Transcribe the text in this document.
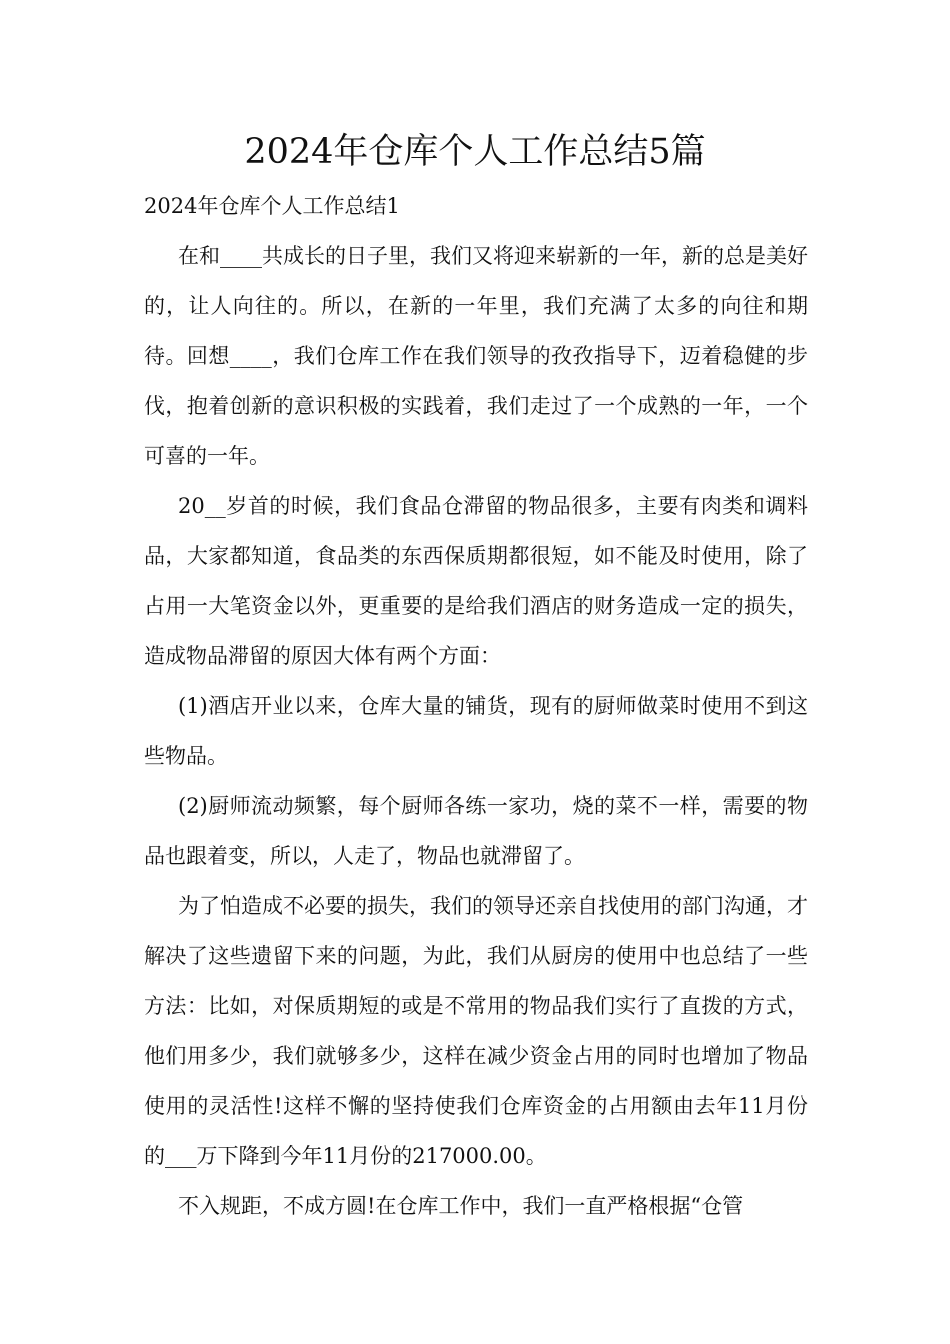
2024年仓库个人工作总结5篇

2024年仓库个人工作总结1

在和____共成长的日子里，我们又将迎来崭新的一年，新的总是美好的，让人向往的。所以，在新的一年里，我们充满了太多的向往和期待。回想____，我们仓库工作在我们领导的孜孜指导下，迈着稳健的步伐，抱着创新的意识积极的实践着，我们走过了一个成熟的一年，一个可喜的一年。

20__岁首的时候，我们食品仓滞留的物品很多，主要有肉类和调料品，大家都知道，食品类的东西保质期都很短，如不能及时使用，除了占用一大笔资金以外，更重要的是给我们酒店的财务造成一定的损失，造成物品滞留的原因大体有两个方面：

(1)酒店开业以来，仓库大量的铺货，现有的厨师做菜时使用不到这些物品。

(2)厨师流动频繁，每个厨师各练一家功，烧的菜不一样，需要的物品也跟着变，所以，人走了，物品也就滞留了。

为了怕造成不必要的损失，我们的领导还亲自找使用的部门沟通，才解决了这些遗留下来的问题，为此，我们从厨房的使用中也总结了一些方法：比如，对保质期短的或是不常用的物品我们实行了直拨的方式，他们用多少，我们就够多少，这样在减少资金占用的同时也增加了物品使用的灵活性!这样不懈的坚持使我们仓库资金的占用额由去年11月份的___万下降到今年11月份的217000.00。

不入规距，不成方圆!在仓库工作中，我们一直严格根据“仓管
